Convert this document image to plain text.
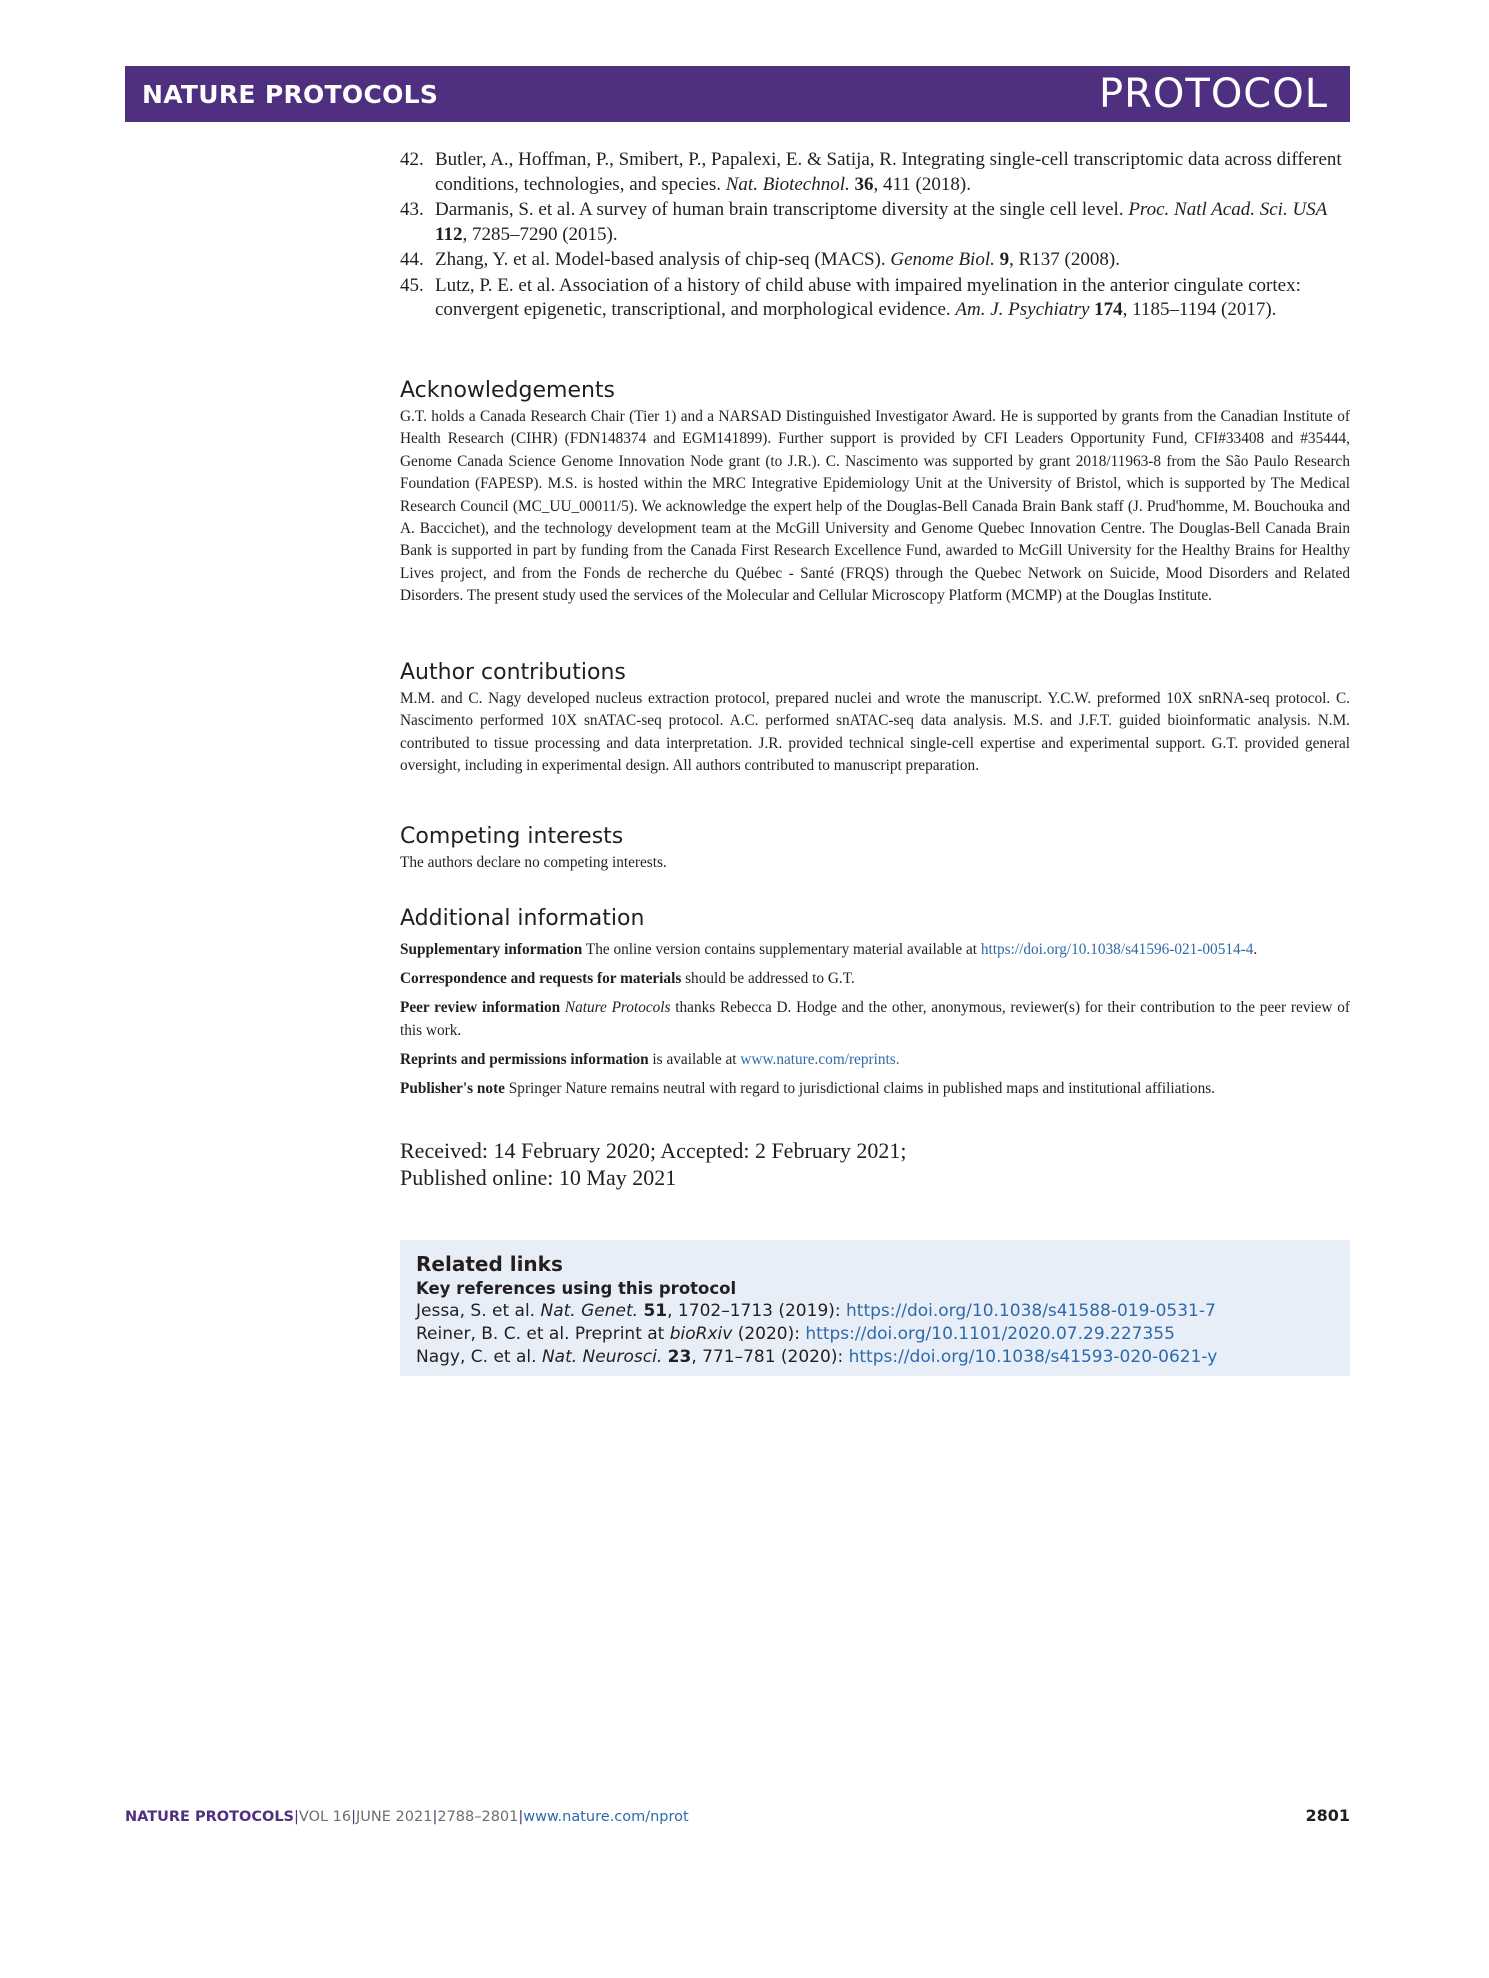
NATURE PROTOCOLS	PROTOCOL
42. Butler, A., Hoffman, P., Smibert, P., Papalexi, E. & Satija, R. Integrating single-cell transcriptomic data across different conditions, technologies, and species. Nat. Biotechnol. 36, 411 (2018).
43. Darmanis, S. et al. A survey of human brain transcriptome diversity at the single cell level. Proc. Natl Acad. Sci. USA 112, 7285–7290 (2015).
44. Zhang, Y. et al. Model-based analysis of chip-seq (MACS). Genome Biol. 9, R137 (2008).
45. Lutz, P. E. et al. Association of a history of child abuse with impaired myelination in the anterior cingulate cortex: convergent epigenetic, transcriptional, and morphological evidence. Am. J. Psychiatry 174, 1185–1194 (2017).
Acknowledgements

G.T. holds a Canada Research Chair (Tier 1) and a NARSAD Distinguished Investigator Award. He is supported by grants from the Canadian Institute of Health Research (CIHR) (FDN148374 and EGM141899). Further support is provided by CFI Leaders Opportunity Fund, CFI#33408 and #35444, Genome Canada Science Genome Innovation Node grant (to J.R.). C. Nascimento was supported by grant 2018/11963-8 from the São Paulo Research Foundation (FAPESP). M.S. is hosted within the MRC Integrative Epidemiology Unit at the University of Bristol, which is supported by The Medical Research Council (MC_UU_00011/5). We acknowledge the expert help of the Douglas-Bell Canada Brain Bank staff (J. Prud'homme, M. Bouchouka and A. Baccichet), and the technology development team at the McGill University and Genome Quebec Innovation Centre. The Douglas-Bell Canada Brain Bank is supported in part by funding from the Canada First Research Excellence Fund, awarded to McGill University for the Healthy Brains for Healthy Lives project, and from the Fonds de recherche du Québec - Santé (FRQS) through the Quebec Network on Suicide, Mood Disorders and Related Disorders. The present study used the services of the Molecular and Cellular Microscopy Platform (MCMP) at the Douglas Institute.

Author contributions

M.M. and C. Nagy developed nucleus extraction protocol, prepared nuclei and wrote the manuscript. Y.C.W. preformed 10X snRNA-seq protocol. C. Nascimento performed 10X snATAC-seq protocol. A.C. performed snATAC-seq data analysis. M.S. and J.F.T. guided bioinformatic analysis. N.M. contributed to tissue processing and data interpretation. J.R. provided technical single-cell expertise and experimental support. G.T. provided general oversight, including in experimental design. All authors contributed to manuscript preparation.

Competing interests

The authors declare no competing interests.

Additional information

Supplementary information The online version contains supplementary material available at https://doi.org/10.1038/s41596-021-00514-4.

Correspondence and requests for materials should be addressed to G.T.

Peer review information Nature Protocols thanks Rebecca D. Hodge and the other, anonymous, reviewer(s) for their contribution to the peer review of this work.

Reprints and permissions information is available at www.nature.com/reprints.

Publisher's note Springer Nature remains neutral with regard to jurisdictional claims in published maps and institutional affiliations.

Received: 14 February 2020; Accepted: 2 February 2021;
Published online: 10 May 2021
Related links
Key references using this protocol
Jessa, S. et al. Nat. Genet. 51, 1702–1713 (2019): https://doi.org/10.1038/s41588-019-0531-7
Reiner, B. C. et al. Preprint at bioRxiv (2020): https://doi.org/10.1101/2020.07.29.227355
Nagy, C. et al. Nat. Neurosci. 23, 771–781 (2020): https://doi.org/10.1038/s41593-020-0621-y
NATURE PROTOCOLS|VOL 16|JUNE 2021|2788–2801|www.nature.com/nprot	2801
